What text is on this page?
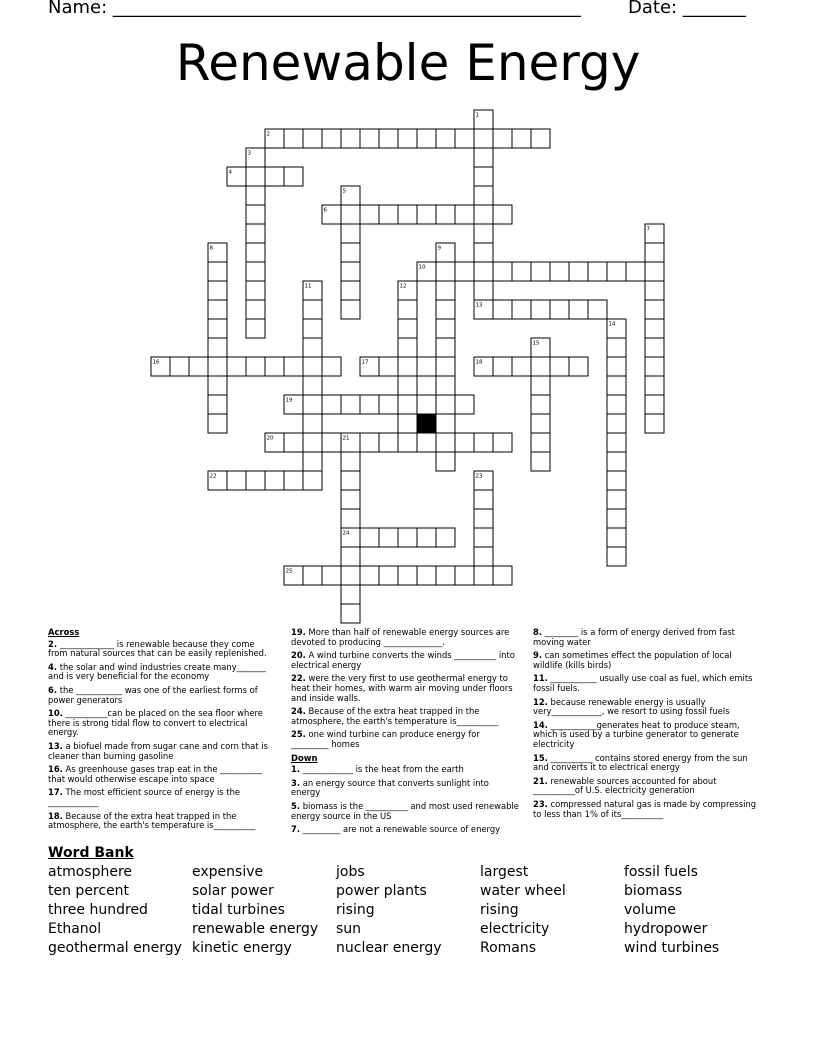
Name: ____________________________________________________	Date: _______
Renewable Energy
1
2
3
4
5
6
7
8	9
10
11	12
13
14
15
16	17	18
19
20	21
22	23
24
25

Across

2. _____________ is renewable because they come from natural sources that can be easily replenished.

4. the solar and wind industries create many_______ and is very beneficial for the economy

6. the ___________ was one of the earliest forms of power generators

10. __________can be placed on the sea floor where there is strong tidal flow to convert to electrical energy.

13. a biofuel made from sugar cane and corn that is cleaner than burning gasoline

16. As greenhouse gases trap eat in the __________ that would otherwise escape into space

17. The most efficient source of energy is the ____________

18. Because of the extra heat trapped in the atmosphere, the earth's temperature is__________

19. More than half of renewable energy sources are devoted to producing ______________.

20. A wind turbine converts the winds __________ into electrical energy

22. were the very first to use geothermal energy to heat their homes, with warm air moving under floors and inside walls.

24. Because of the extra heat trapped in the atmosphere, the earth's temperature is__________

25. one wind turbine can produce energy for _________ homes

Down

1. ____________ is the heat from the earth

3. an energy source that converts sunlight into energy

5. biomass is the __________ and most used renewable energy source in the US

7. _________ are not a renewable source of energy

8. ________ is a form of energy derived from fast moving water

9. can sometimes effect the population of local wildlife (kills birds)

11. ___________ usually use coal as fuel, which emits fossil fuels.

12. because renewable energy is usually very____________, we resort to using fossil fuels

14. ___________generates heat to produce steam, which is used by a turbine generator to generate electricity

15. __________ contains stored energy from the sun and converts it to electrical energy

21. renewable sources accounted for about __________of U.S. electricity generation

23. compressed natural gas is made by compressing to less than 1% of its__________

Word Bank
atmosphere
ten percent
three hundred
Ethanol
geothermal energy
expensive
solar power
tidal turbines
renewable energy
kinetic energy
jobs
power plants
rising
sun
nuclear energy
largest
water wheel
rising
electricity
Romans
fossil fuels
biomass
volume
hydropower
wind turbines
